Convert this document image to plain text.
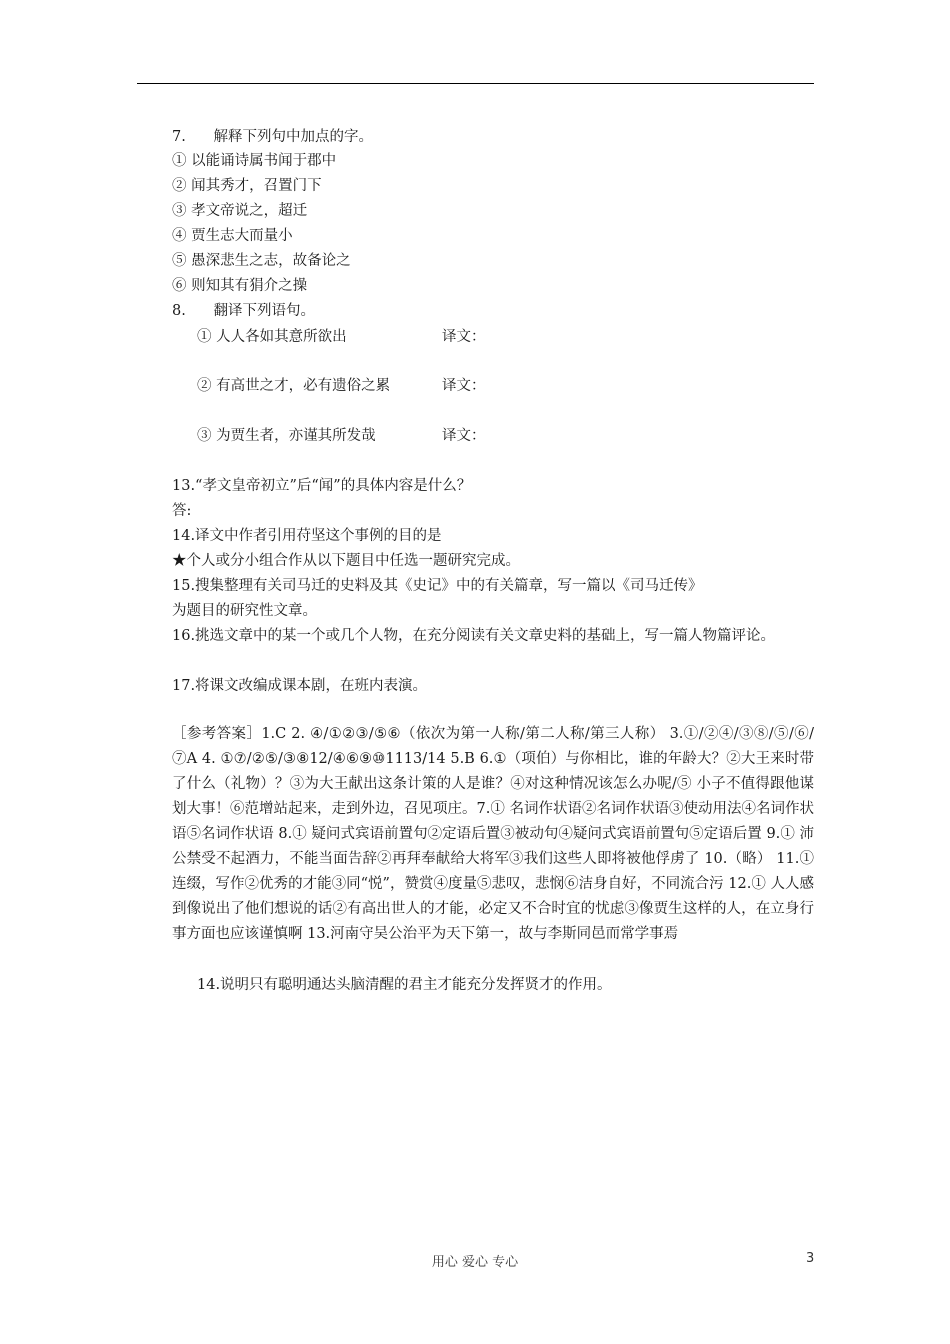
7.      解释下列句中加点的字。
① 以能诵诗属书闻于郡中
② 闻其秀才，召置门下
③ 孝文帝说之，超迁
④ 贾生志大而量小
⑤ 愚深悲生之志，故备论之
⑥ 则知其有狷介之操
8.      翻译下列语句。
① 人人各如其意所欲出	译文：
② 有高世之才，必有遗俗之累	译文：
③ 为贾生者，亦谨其所发哉	译文：
13.“孝文皇帝初立”后“闻”的具体内容是什么？
答:
14.译文中作者引用苻坚这个事例的目的是
★个人或分小组合作从以下题目中任选一题研究完成。
15.搜集整理有关司马迁的史料及其《史记》中的有关篇章，写一篇以《司马迁传》
为题目的研究性文章。
16.挑选文章中的某一个或几个人物，在充分阅读有关文章史料的基础上，写一篇人物篇评论。
17.将课文改编成课本剧，在班内表演。
［参考答案］1.C 2. ④/①②③/⑤⑥（依次为第一人称/第二人称/第三人称） 3.①/②④/③⑧/⑤/⑥/⑦A 4. ①⑦/②⑤/③⑧12/④⑥⑨⑩1113/14 5.B 6.①（项伯）与你相比，谁的年龄大？②大王来时带了什么（礼物）？③为大王献出这条计策的人是谁？④对这种情况该怎么办呢/⑤ 小子不值得跟他谋划大事！⑥范增站起来，走到外边，召见项庄。7.① 名词作状语②名词作状语③使动用法④名词作状语⑤名词作状语 8.① 疑问式宾语前置句②定语后置③被动句④疑问式宾语前置句⑤定语后置 9.① 沛公禁受不起酒力，不能当面告辞②再拜奉献给大将军③我们这些人即将被他俘虏了 10.（略） 11.① 连缀，写作②优秀的才能③同“悦”，赞赏④度量⑤悲叹，悲悯⑥洁身自好，不同流合污 12.① 人人感到像说出了他们想说的话②有高出世人的才能，必定又不合时宜的忧虑③像贾生这样的人，在立身行事方面也应该谨慎啊 13.河南守吴公治平为天下第一，故与李斯同邑而常学事焉
14.说明只有聪明通达头脑清醒的君主才能充分发挥贤才的作用。
用心 爱心 专心	3
